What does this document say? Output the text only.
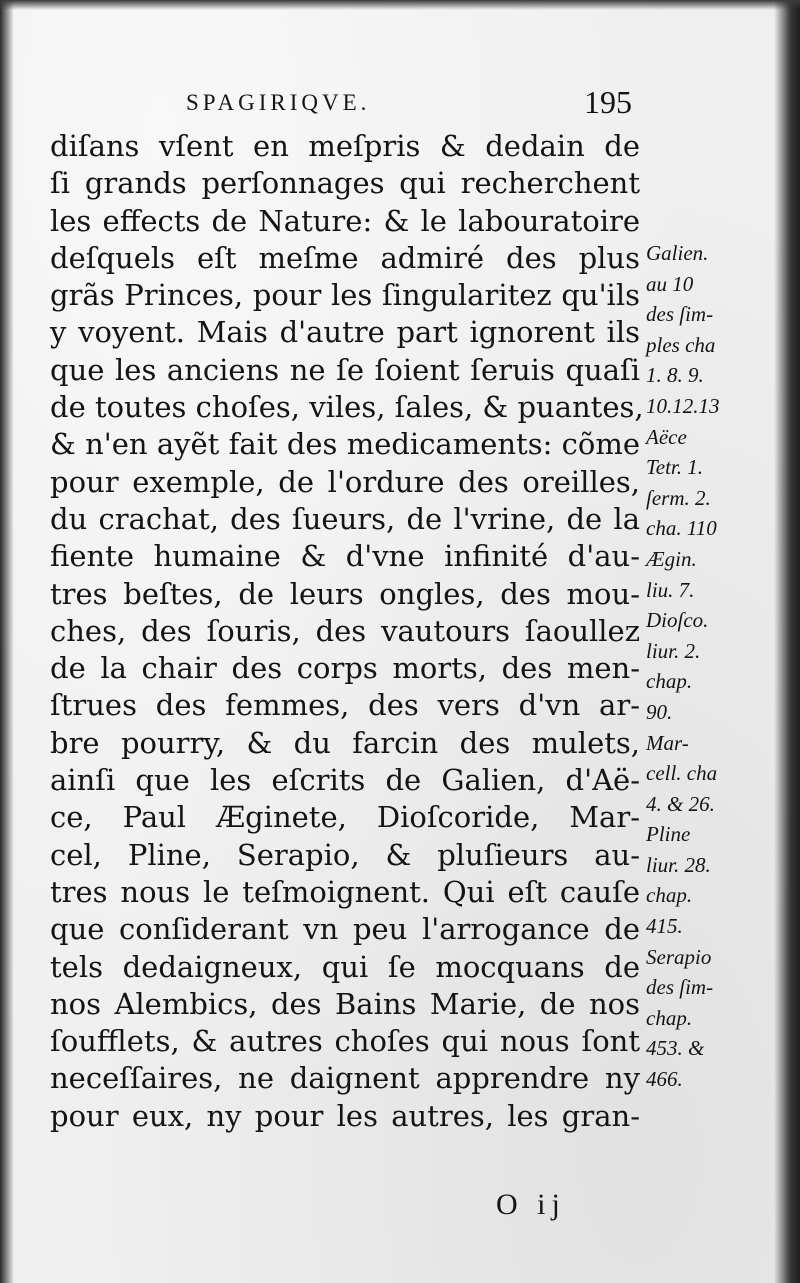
SPAGIRIQVE.	195
diſans vſent en meſpris & dedain de
ſi grands perſonnages qui recherchent
les effects de Nature: & le labouratoire
deſquels eſt meſme admiré des plus
grãs Princes, pour les ſingularitez qu'ils
y voyent. Mais d'autre part ignorent ils
que les anciens ne ſe ſoient ſeruis quaſi
de toutes choſes, viles, ſales, & puantes,
& n'en ayẽt fait des medicaments: cõme
pour exemple, de l'ordure des oreilles,
du crachat, des ſueurs, de l'vrine, de la
fiente humaine & d'vne infinité d'au-
tres beſtes, de leurs ongles, des mou-
ches, des ſouris, des vautours ſaoullez
de la chair des corps morts, des men-
ſtrues des femmes, des vers d'vn ar-
bre pourry, & du farcin des mulets,
ainſi que les eſcrits de Galien, d'Aë-
ce, Paul Æginete, Dioſcoride, Mar-
cel, Pline, Serapio, & pluſieurs au-
tres nous le teſmoignent. Qui eſt cauſe
que conſiderant vn peu l'arrogance de
tels dedaigneux, qui ſe mocquans de
nos Alembics, des Bains Marie, de nos
ſoufflets, & autres choſes qui nous ſont
neceſſaires, ne daignent apprendre ny
pour eux, ny pour les autres, les gran-
Galien.
au 10
des ſim-
ples cha
1. 8. 9.
10.12.13
Aëce
Tetr. 1.
ſerm. 2.
cha. 110
Ægin.
liu. 7.
Dioſco.
liur. 2.
chap.
90.
Mar-
cell. cha
4. & 26.
Pline
liur. 28.
chap.
415.
Serapio
des ſim-
chap.
453. &
466.
O ij
